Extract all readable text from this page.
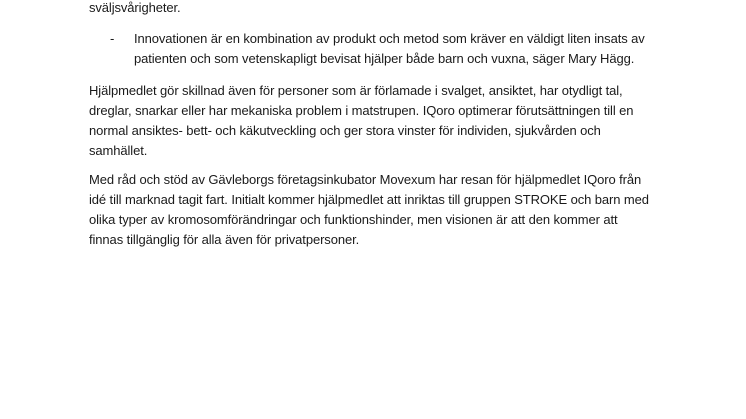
sväljsvårigheter.

- Innovationen är en kombination av produkt och metod som kräver en väldigt liten insats av
patienten och som vetenskapligt bevisat hjälper både barn och vuxna, säger Mary Hägg.

Hjälpmedlet gör skillnad även för personer som är förlamade i svalget, ansiktet, har otydligt tal,
dreglar, snarkar eller har mekaniska problem i matstrupen. IQoro optimerar förutsättningen till en
normal ansiktes- bett- och käkutveckling och ger stora vinster för individen, sjukvården och
samhället.

Med råd och stöd av Gävleborgs företagsinkubator Movexum har resan för hjälpmedlet IQoro från
idé till marknad tagit fart. Initialt kommer hjälpmedlet att inriktas till gruppen STROKE och barn med
olika typer av kromosomförändringar och funktionshinder, men visionen är att den kommer att
finnas tillgänglig för alla även för privatpersoner.
